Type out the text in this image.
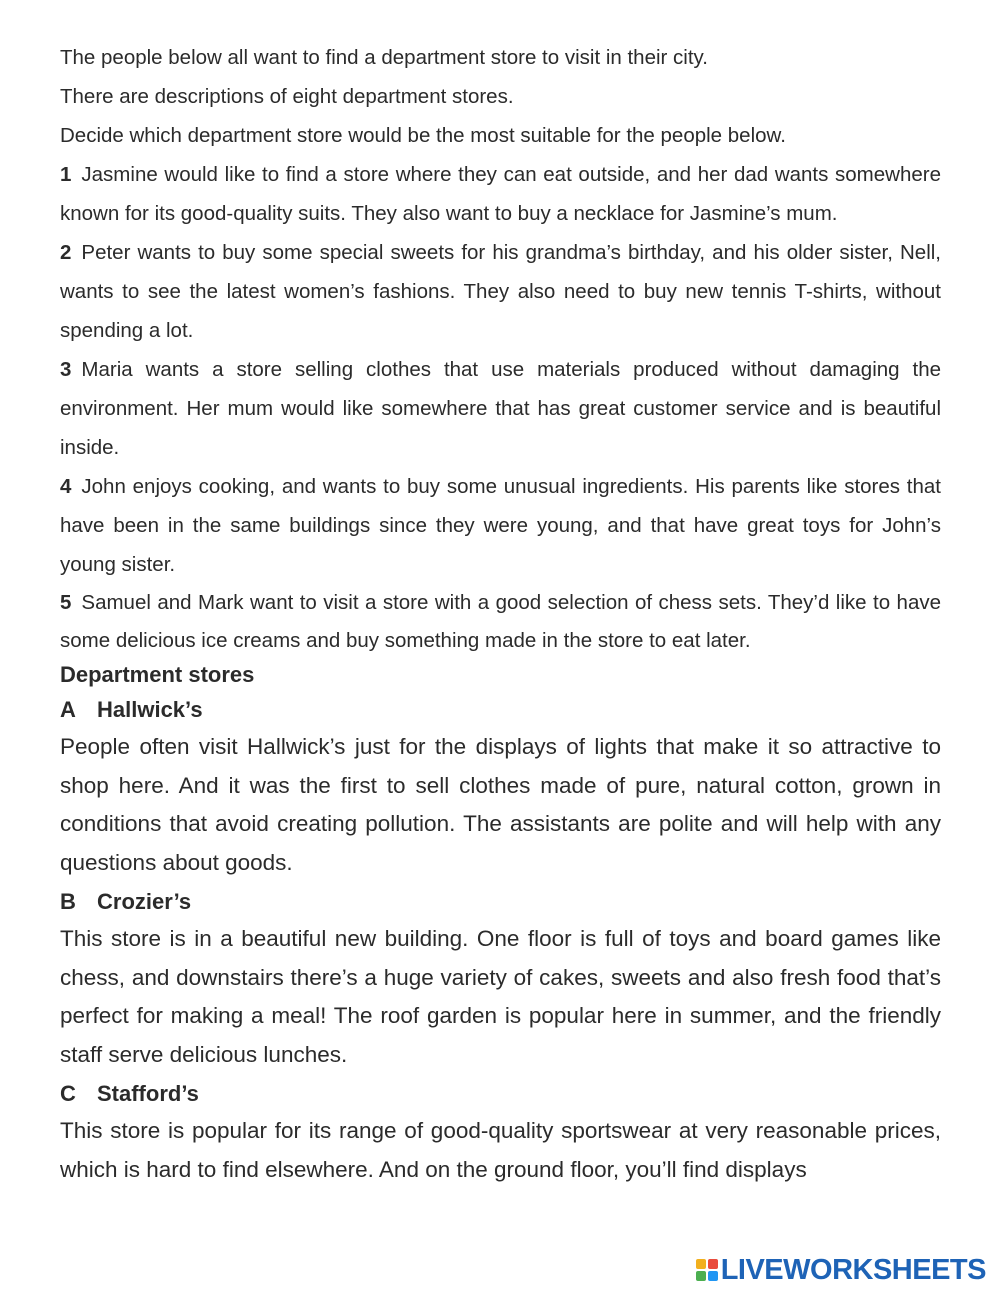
The people below all want to find a department store to visit in their city.

There are descriptions of eight department stores.

Decide which department store would be the most suitable for the people below.

1 Jasmine would like to find a store where they can eat outside, and her dad wants somewhere known for its good-quality suits. They also want to buy a necklace for Jasmine’s mum.

2 Peter wants to buy some special sweets for his grandma’s birthday, and his older sister, Nell, wants to see the latest women’s fashions. They also need to buy new tennis T-shirts, without spending a lot.

3 Maria wants a store selling clothes that use materials produced without damaging the environment. Her mum would like somewhere that has great customer service and is beautiful inside.

4 John enjoys cooking, and wants to buy some unusual ingredients. His parents like stores that have been in the same buildings since they were young, and that have great toys for John’s young sister.

5 Samuel and Mark want to visit a store with a good selection of chess sets. They’d like to have some delicious ice creams and buy something made in the store to eat later.

Department stores
A Hallwick’s

People often visit Hallwick’s just for the displays of lights that make it so attractive to shop here. And it was the first to sell clothes made of pure, natural cotton, grown in conditions that avoid creating pollution. The assistants are polite and will help with any questions about goods.

B Crozier’s

This store is in a beautiful new building. One floor is full of toys and board games like chess, and downstairs there’s a huge variety of cakes, sweets and also fresh food that’s perfect for making a meal! The roof garden is popular here in summer, and the friendly staff serve delicious lunches.

C Stafford’s

This store is popular for its range of good-quality sportswear at very reasonable prices, which is hard to find elsewhere. And on the ground floor, you’ll find displays

LIVEWORKSHEETS
